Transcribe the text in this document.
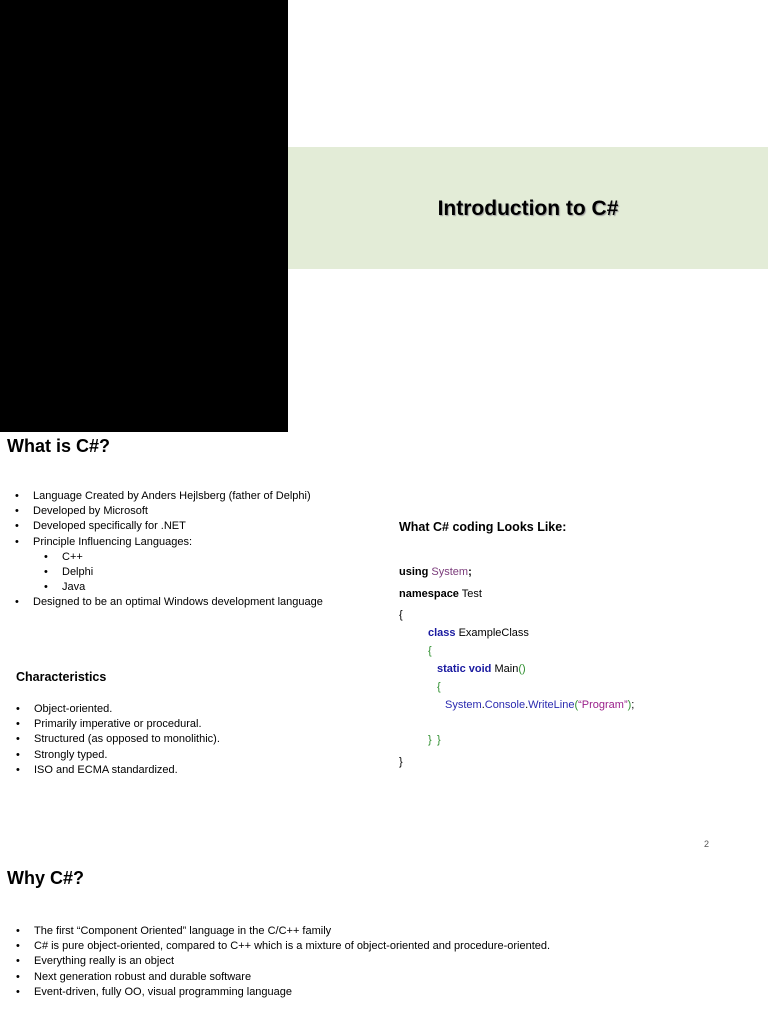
Introduction to C#
What is C#?
• Language Created by Anders Hejlsberg (father of Delphi)
• Developed by Microsoft
• Developed specifically for .NET
• Principle Influencing Languages:
• C++
• Delphi
• Java
• Designed to be an optimal Windows development language
Characteristics
• Object-oriented.
• Primarily imperative or procedural.
• Structured (as opposed to monolithic).
• Strongly typed.
• ISO and ECMA standardized.
What C# coding Looks Like:
using System;
namespace Test
{
class ExampleClass
{
static void Main()
{
System.Console.WriteLine(“Program”);
}
}
}
2
Why C#?
• The first “Component Oriented” language in the C/C++ family
• C# is pure object-oriented, compared to C++ which is a mixture of object-oriented and procedure-oriented.
• Everything really is an object
• Next generation robust and durable software
• Event-driven, fully OO, visual programming language
